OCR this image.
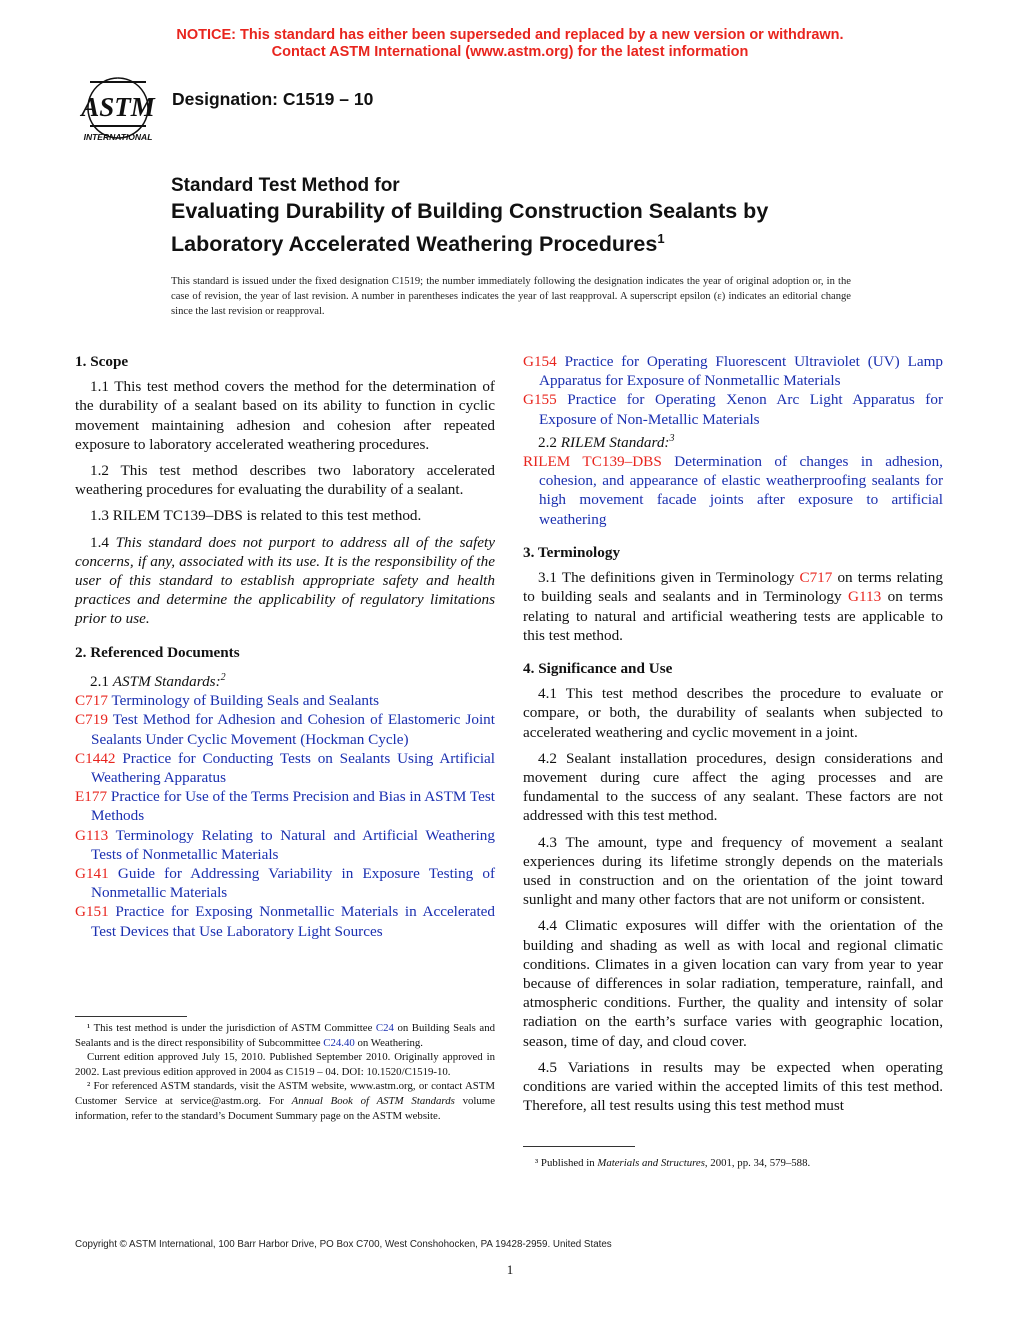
NOTICE: This standard has either been superseded and replaced by a new version or withdrawn.
Contact ASTM International (www.astm.org) for the latest information
ASTM
INTERNATIONAL
Designation: C1519 – 10
Standard Test Method for
Evaluating Durability of Building Construction Sealants by
Laboratory Accelerated Weathering Procedures$^1$
This standard is issued under the fixed designation C1519; the number immediately following the designation indicates the year of original adoption or, in the case of revision, the year of last revision. A number in parentheses indicates the year of last reapproval. A superscript epsilon (ε) indicates an editorial change since the last revision or reapproval.
1. Scope

1.1 This test method covers the method for the determination of the durability of a sealant based on its ability to function in cyclic movement maintaining adhesion and cohesion after repeated exposure to laboratory accelerated weathering procedures.

1.2 This test method describes two laboratory accelerated weathering procedures for evaluating the durability of a sealant.

1.3 RILEM TC139–DBS is related to this test method.

1.4 This standard does not purport to address all of the safety concerns, if any, associated with its use. It is the responsibility of the user of this standard to establish appropriate safety and health practices and determine the applicability of regulatory limitations prior to use.

2. Referenced Documents

2.1 ASTM Standards:$^2$

C717 Terminology of Building Seals and Sealants

C719 Test Method for Adhesion and Cohesion of Elastomeric Joint Sealants Under Cyclic Movement (Hockman Cycle)

C1442 Practice for Conducting Tests on Sealants Using Artificial Weathering Apparatus

E177 Practice for Use of the Terms Precision and Bias in ASTM Test Methods

G113 Terminology Relating to Natural and Artificial Weathering Tests of Nonmetallic Materials

G141 Guide for Addressing Variability in Exposure Testing of Nonmetallic Materials

G151 Practice for Exposing Nonmetallic Materials in Accelerated Test Devices that Use Laboratory Light Sources

¹ This test method is under the jurisdiction of ASTM Committee C24 on Building Seals and Sealants and is the direct responsibility of Subcommittee C24.40 on Weathering.

Current edition approved July 15, 2010. Published September 2010. Originally approved in 2002. Last previous edition approved in 2004 as C1519 – 04. DOI: 10.1520/C1519-10.

² For referenced ASTM standards, visit the ASTM website, www.astm.org, or contact ASTM Customer Service at service@astm.org. For Annual Book of ASTM Standards volume information, refer to the standard’s Document Summary page on the ASTM website.

G154 Practice for Operating Fluorescent Ultraviolet (UV) Lamp Apparatus for Exposure of Nonmetallic Materials

G155 Practice for Operating Xenon Arc Light Apparatus for Exposure of Non-Metallic Materials

2.2 RILEM Standard:$^3$

RILEM TC139–DBS Determination of changes in adhesion, cohesion, and appearance of elastic weatherproofing sealants for high movement facade joints after exposure to artificial weathering

3. Terminology

3.1 The definitions given in Terminology C717 on terms relating to building seals and sealants and in Terminology G113 on terms relating to natural and artificial weathering tests are applicable to this test method.

4. Significance and Use

4.1 This test method describes the procedure to evaluate or compare, or both, the durability of sealants when subjected to accelerated weathering and cyclic movement in a joint.

4.2 Sealant installation procedures, design considerations and movement during cure affect the aging processes and are fundamental to the success of any sealant. These factors are not addressed with this test method.

4.3 The amount, type and frequency of movement a sealant experiences during its lifetime strongly depends on the materials used in construction and on the orientation of the joint toward sunlight and many other factors that are not uniform or consistent.

4.4 Climatic exposures will differ with the orientation of the building and shading as well as with local and regional climatic conditions. Climates in a given location can vary from year to year because of differences in solar radiation, temperature, rainfall, and atmospheric conditions. Further, the quality and intensity of solar radiation on the earth’s surface varies with geographic location, season, time of day, and cloud cover.

4.5 Variations in results may be expected when operating conditions are varied within the accepted limits of this test method. Therefore, all test results using this test method must

³ Published in Materials and Structures, 2001, pp. 34, 579–588.

Copyright © ASTM International, 100 Barr Harbor Drive, PO Box C700, West Conshohocken, PA 19428-2959. United States
1
